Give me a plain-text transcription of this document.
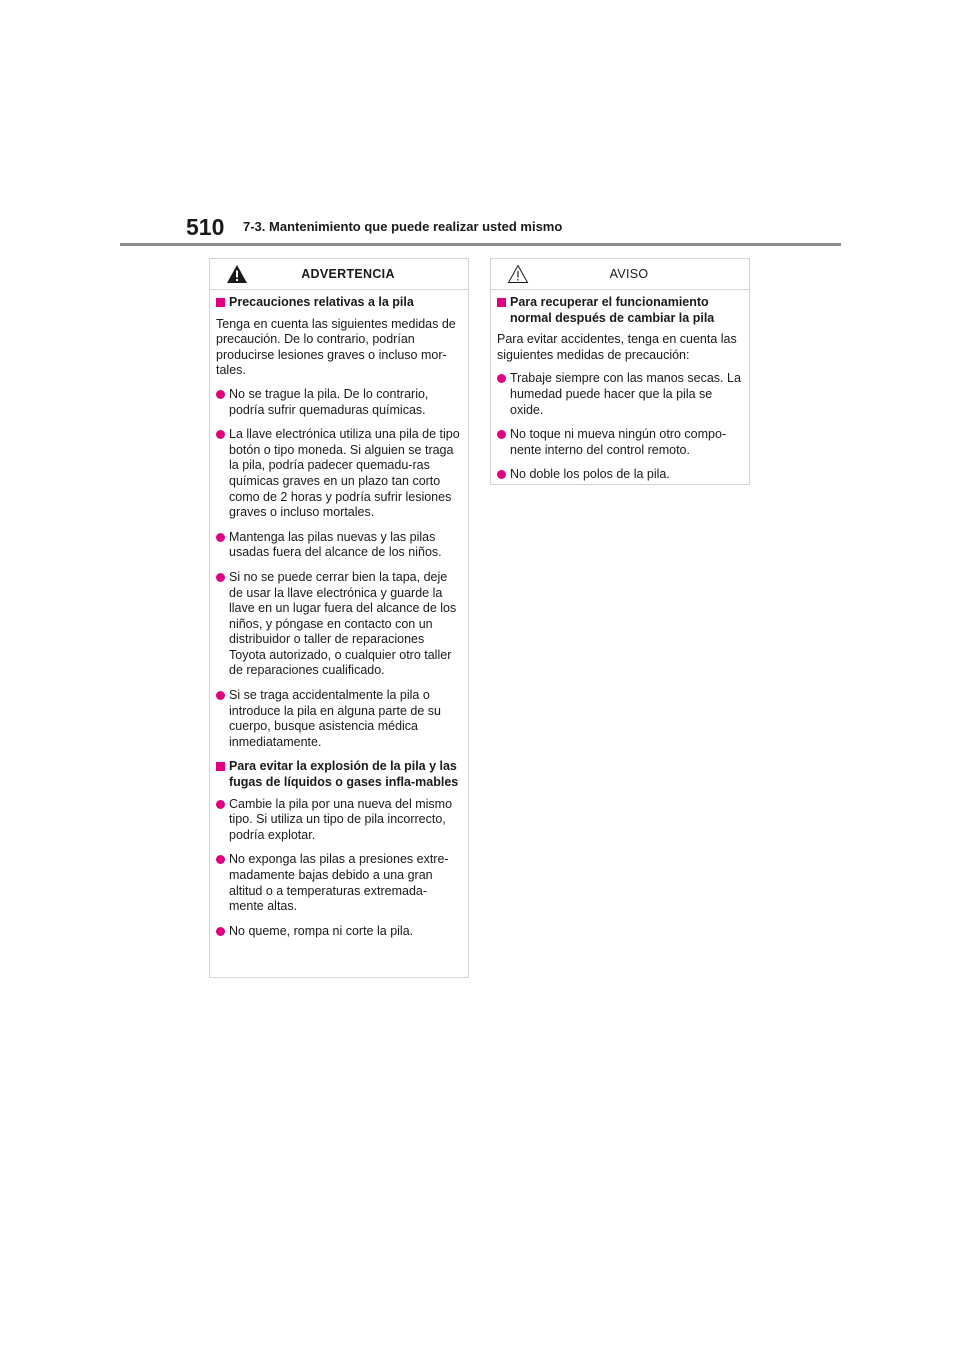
510 7-3. Mantenimiento que puede realizar usted mismo
ADVERTENCIA
Precauciones relativas a la pila
Tenga en cuenta las siguientes medidas de precaución. De lo contrario, podrían producirse lesiones graves o incluso mor-tales.
No se trague la pila. De lo contrario, podría sufrir quemaduras químicas.
La llave electrónica utiliza una pila de tipo botón o tipo moneda. Si alguien se traga la pila, podría padecer quemadu-ras químicas graves en un plazo tan corto como de 2 horas y podría sufrir lesiones graves o incluso mortales.
Mantenga las pilas nuevas y las pilas usadas fuera del alcance de los niños.
Si no se puede cerrar bien la tapa, deje de usar la llave electrónica y guarde la llave en un lugar fuera del alcance de los niños, y póngase en contacto con un distribuidor o taller de reparaciones Toyota autorizado, o cualquier otro taller de reparaciones cualificado.
Si se traga accidentalmente la pila o introduce la pila en alguna parte de su cuerpo, busque asistencia médica inmediatamente.
Para evitar la explosión de la pila y las fugas de líquidos o gases infla-mables
Cambie la pila por una nueva del mismo tipo. Si utiliza un tipo de pila incorrecto, podría explotar.
No exponga las pilas a presiones extre-madamente bajas debido a una gran altitud o a temperaturas extremada-mente altas.
No queme, rompa ni corte la pila.
AVISO
Para recuperar el funcionamiento normal después de cambiar la pila
Para evitar accidentes, tenga en cuenta las siguientes medidas de precaución:
Trabaje siempre con las manos secas. La humedad puede hacer que la pila se oxide.
No toque ni mueva ningún otro compo-nente interno del control remoto.
No doble los polos de la pila.
